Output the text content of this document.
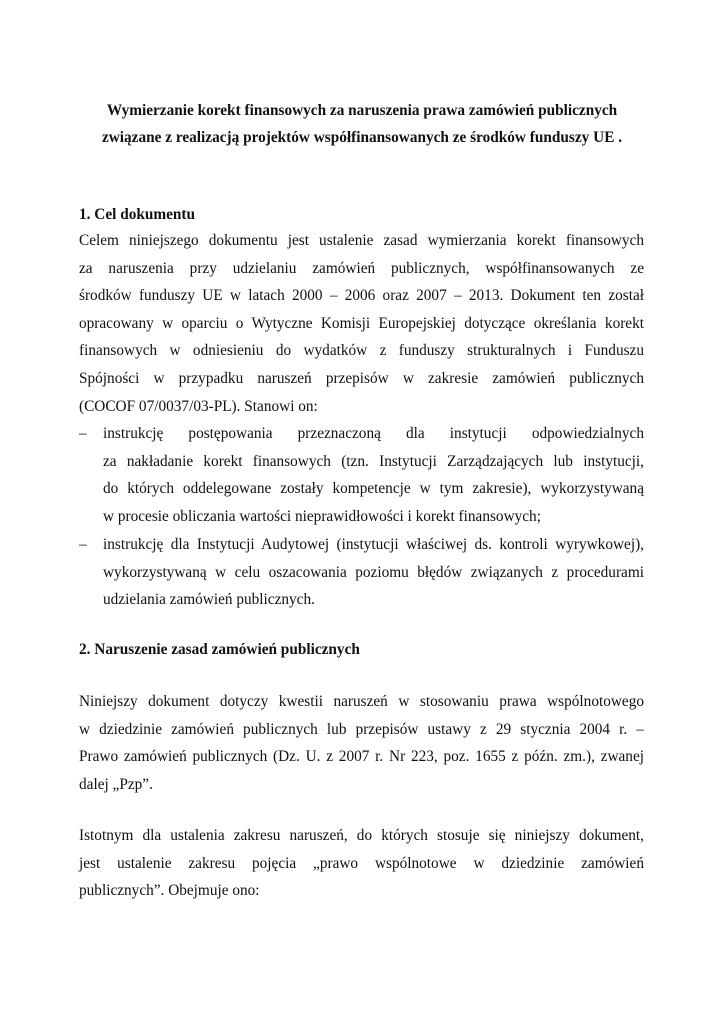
Wymierzanie korekt finansowych za naruszenia prawa zamówień publicznych
związane z realizacją projektów współfinansowanych ze środków funduszy UE .
1. Cel dokumentu
Celem niniejszego dokumentu jest ustalenie zasad wymierzania korekt finansowych
za naruszenia przy udzielaniu zamówień publicznych, współfinansowanych ze
środków funduszy UE w latach 2000 – 2006 oraz 2007 – 2013. Dokument ten został
opracowany w oparciu o Wytyczne Komisji Europejskiej dotyczące określania korekt
finansowych w odniesieniu do wydatków z funduszy strukturalnych i Funduszu
Spójności w przypadku naruszeń przepisów w zakresie zamówień publicznych
(COCOF 07/0037/03-PL). Stanowi on:
– instrukcję postępowania przeznaczoną dla instytucji odpowiedzialnych
za nakładanie korekt finansowych (tzn. Instytucji Zarządzających lub instytucji,
do których oddelegowane zostały kompetencje w tym zakresie), wykorzystywaną
w procesie obliczania wartości nieprawidłowości i korekt finansowych;
– instrukcję dla Instytucji Audytowej (instytucji właściwej ds. kontroli wyrywkowej),
wykorzystywaną w celu oszacowania poziomu błędów związanych z procedurami
udzielania zamówień publicznych.
2. Naruszenie zasad zamówień publicznych
Niniejszy dokument dotyczy kwestii naruszeń w stosowaniu prawa wspólnotowego
w dziedzinie zamówień publicznych lub przepisów ustawy z 29 stycznia 2004 r. –
Prawo zamówień publicznych (Dz. U. z 2007 r. Nr 223, poz. 1655 z późn. zm.), zwanej
dalej „Pzp”.
Istotnym dla ustalenia zakresu naruszeń, do których stosuje się niniejszy dokument,
jest ustalenie zakresu pojęcia „prawo wspólnotowe w dziedzinie zamówień
publicznych”. Obejmuje ono:
